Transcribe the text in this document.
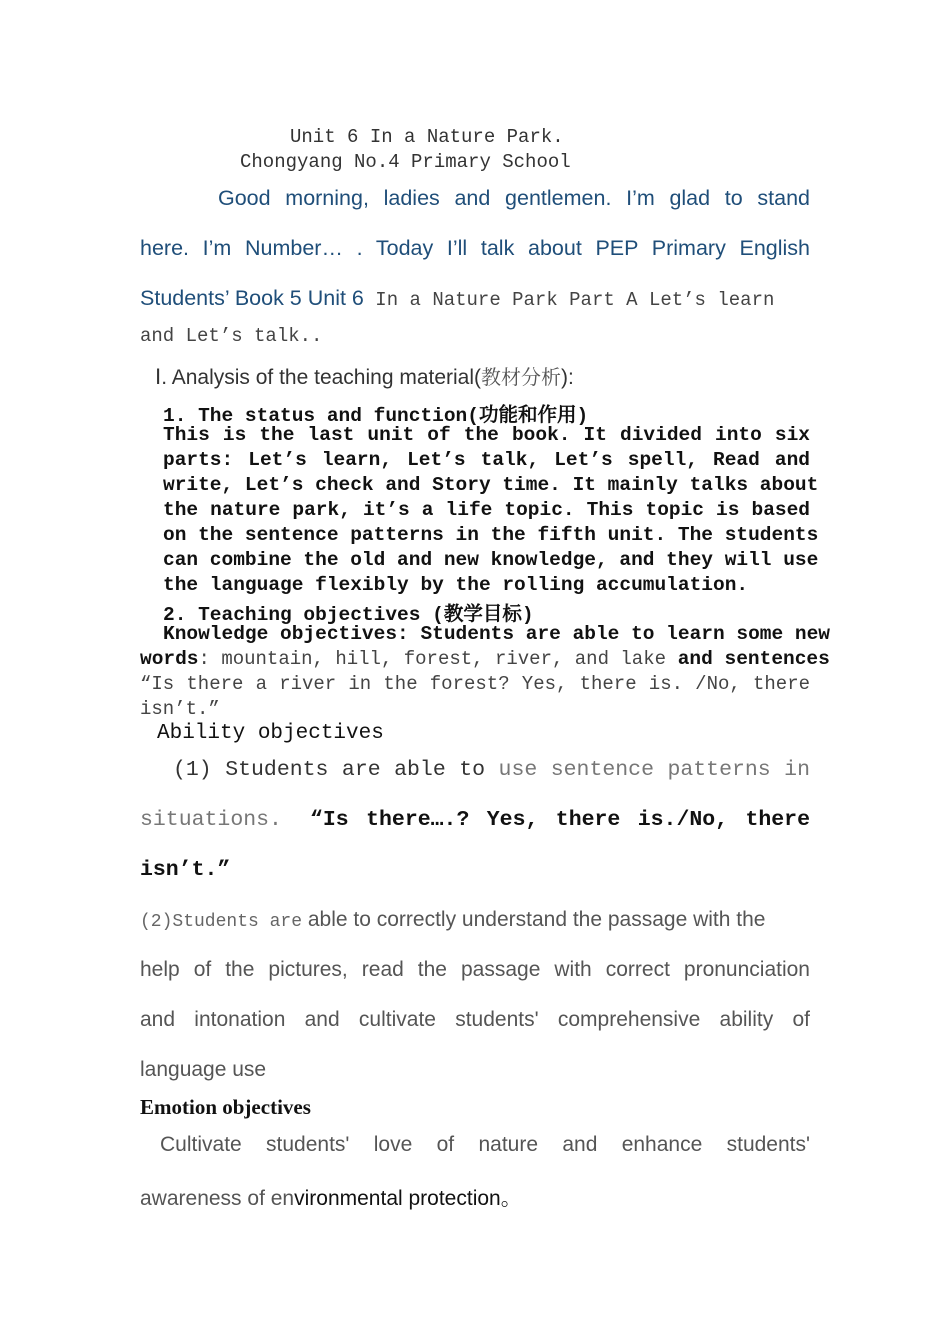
Unit 6 In a Nature Park.
Chongyang No.4 Primary School
Good morning, ladies and gentlemen. I’m glad to stand
here. I’m Number… . Today I’ll talk about PEP Primary English
Students’ Book 5 Unit 6 In a Nature Park Part A Let’s learn
and Let’s talk..
Ⅰ. Analysis of the teaching material(教材分析):
1. The status and function(功能和作用)
This is the last unit of the book. It divided into six
parts: Let’s learn, Let’s talk, Let’s spell, Read and
write, Let’s check and Story time. It mainly talks about
the nature park, it’s a life topic. This topic is based
on the sentence patterns in the fifth unit. The students
can combine the old and new knowledge, and they will use
the language flexibly by the rolling accumulation.
2. Teaching objectives (教学目标)
Knowledge objectives: Students are able to learn some new
words: mountain, hill, forest, river, and lake and sentences
“Is there a river in the forest? Yes, there is. /No, there
isn’t.”
Ability objectives
(1) Students are able to use sentence patterns in
situations. “Is there….? Yes, there is./No, there
isn’t.”
(2)Students are able to correctly understand the passage with the
help of the pictures, read the passage with correct pronunciation
and intonation and cultivate students' comprehensive ability of
language use
Emotion objectives
Cultivate students' love of nature and enhance students'
awareness of environmental protection。
